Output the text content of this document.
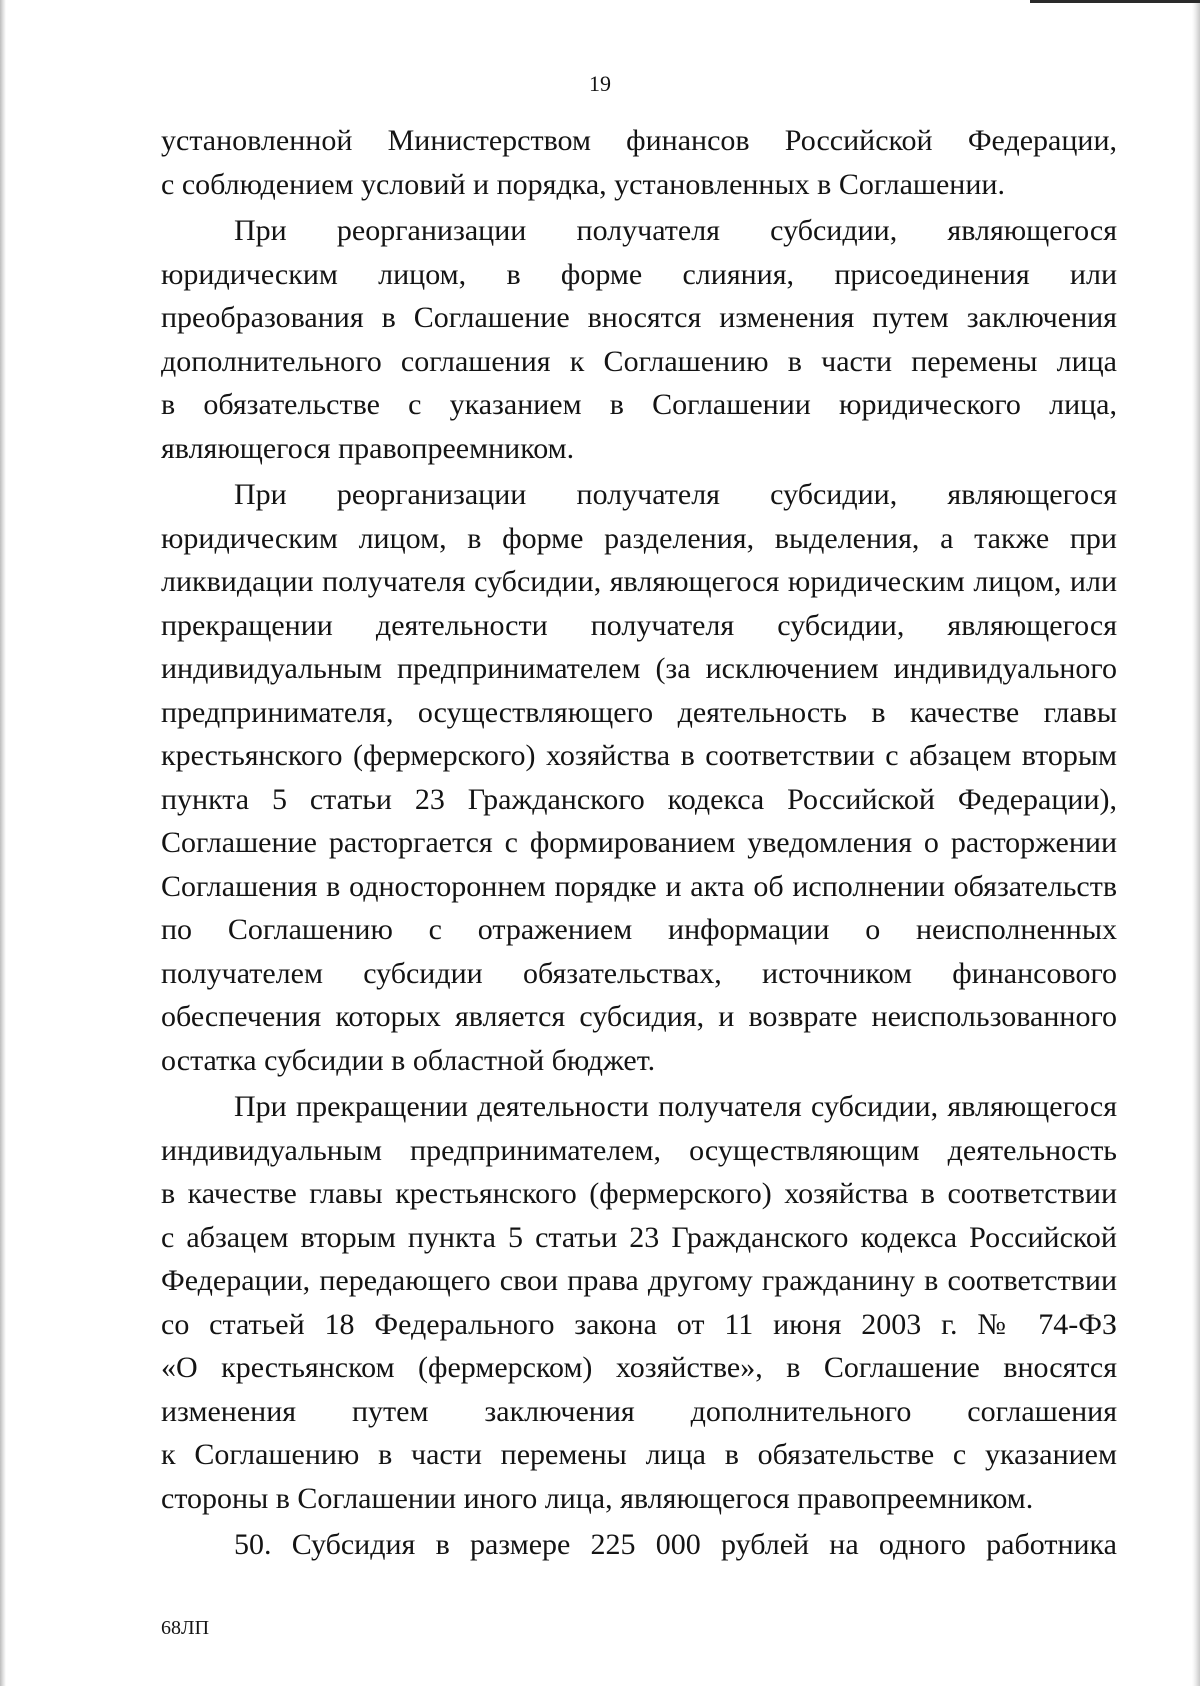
19
установленной Министерством финансов Российской Федерации,
с соблюдением условий и порядка, установленных в Соглашении.
При реорганизации получателя субсидии, являющегося
юридическим лицом, в форме слияния, присоединения или
преобразования в Соглашение вносятся изменения путем заключения
дополнительного соглашения к Соглашению в части перемены лица
в обязательстве с указанием в Соглашении юридического лица,
являющегося правопреемником.
При реорганизации получателя субсидии, являющегося
юридическим лицом, в форме разделения, выделения, а также при
ликвидации получателя субсидии, являющегося юридическим лицом, или
прекращении деятельности получателя субсидии, являющегося
индивидуальным предпринимателем (за исключением индивидуального
предпринимателя, осуществляющего деятельность в качестве главы
крестьянского (фермерского) хозяйства в соответствии с абзацем вторым
пункта 5 статьи 23 Гражданского кодекса Российской Федерации),
Соглашение расторгается с формированием уведомления о расторжении
Соглашения в одностороннем порядке и акта об исполнении обязательств
по Соглашению с отражением информации о неисполненных
получателем субсидии обязательствах, источником финансового
обеспечения которых является субсидия, и возврате неиспользованного
остатка субсидии в областной бюджет.
При прекращении деятельности получателя субсидии, являющегося
индивидуальным предпринимателем, осуществляющим деятельность
в качестве главы крестьянского (фермерского) хозяйства в соответствии
с абзацем вторым пункта 5 статьи 23 Гражданского кодекса Российской
Федерации, передающего свои права другому гражданину в соответствии
со статьей 18 Федерального закона от 11 июня 2003 г. № 74-ФЗ
«О крестьянском (фермерском) хозяйстве», в Соглашение вносятся
изменения путем заключения дополнительного соглашения
к Соглашению в части перемены лица в обязательстве с указанием
стороны в Соглашении иного лица, являющегося правопреемником.
50. Субсидия в размере 225 000 рублей на одного работника
68ЛП
